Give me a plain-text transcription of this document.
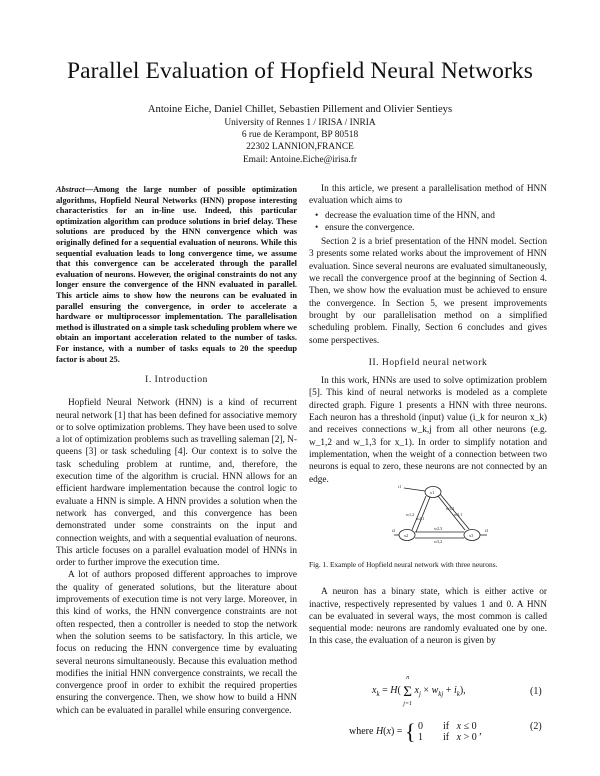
Parallel Evaluation of Hopfield Neural Networks
Antoine Eiche, Daniel Chillet, Sebastien Pillement and Olivier Sentieys
University of Rennes 1 / IRISA / INRIA
6 rue de Kerampont, BP 80518
22302 LANNION,FRANCE
Email: Antoine.Eiche@irisa.fr
Abstract—Among the large number of possible optimization algorithms, Hopfield Neural Networks (HNN) propose interesting characteristics for an in-line use. Indeed, this particular optimization algorithm can produce solutions in brief delay. These solutions are produced by the HNN convergence which was originally defined for a sequential evaluation of neurons. While this sequential evaluation leads to long convergence time, we assume that this convergence can be accelerated through the parallel evaluation of neurons. However, the original constraints do not any longer ensure the convergence of the HNN evaluated in parallel. This article aims to show how the neurons can be evaluated in parallel ensuring the convergence, in order to accelerate a hardware or multiprocessor implementation. The parallelisation method is illustrated on a simple task scheduling problem where we obtain an important acceleration related to the number of tasks. For instance, with a number of tasks equals to 20 the speedup factor is about 25.
I. Introduction

Hopfield Neural Network (HNN) is a kind of recurrent neural network [1] that has been defined for associative memory or to solve optimization problems. They have been used to solve a lot of optimization problems such as travelling saleman [2], N-queens [3] or task scheduling [4]. Our context is to solve the task scheduling problem at runtime, and, therefore, the execution time of the algorithm is crucial. HNN allows for an efficient hardware implementation because the control logic to evaluate a HNN is simple. A HNN provides a solution when the network has converged, and this convergence has been demonstrated under some constraints on the input and connection weights, and with a sequential evaluation of neurons. This article focuses on a parallel evaluation model of HNNs in order to further improve the execution time.

A lot of authors proposed different approaches to improve the quality of generated solutions, but the literature about improvements of execution time is not very large. Moreover, in this kind of works, the HNN convergence constraints are not often respected, then a controller is needed to stop the network when the solution seems to be satisfactory. In this article, we focus on reducing the HNN convergence time by evaluating several neurons simultaneously. Because this evaluation method modifies the initial HNN convergence constraints, we recall the convergence proof in order to exhibit the required properties ensuring the convergence. Then, we show how to build a HNN which can be evaluated in parallel while ensuring convergence.

In this article, we present a parallelisation method of HNN evaluation which aims to

• decrease the evaluation time of the HNN, and
• ensure the convergence.

Section 2 is a brief presentation of the HNN model. Section 3 presents some related works about the improvement of HNN evaluation. Since several neurons are evaluated simultaneously, we recall the convergence proof at the beginning of Section 4. Then, we show how the evaluation must be achieved to ensure the convergence. In Section 5, we present improvements brought by our parallelisation method on a simplified scheduling problem. Finally, Section 6 concludes and gives some perspectives.

II. Hopfield neural network

In this work, HNNs are used to solve optimization problem [5]. This kind of neural networks is modeled as a complete directed graph. Figure 1 presents a HNN with three neurons. Each neuron has a threshold (input) value (i_k for neuron x_k) and receives connections w_k,j from all other neurons (e.g. w_1,2 and w_1,3 for x_1). In order to simplify notation and implementation, when the weight of a connection between two neurons is equal to zero, these neurons are not connected by an edge.

x1
x2	x3
i1
i2	i3
w1,2
w2,1
w1,3
w3,1
w2,3
w3,2

Fig. 1. Example of Hopfield neural network with three neurons.

A neuron has a binary state, which is either active or inactive, respectively represented by values 1 and 0. A HNN can be evaluated in several ways, the most common is called sequential mode: neurons are randomly evaluated one by one. In this case, the evaluation of a neuron is given by

$x_k = H$( Σ
n
j=1
$x_j \times w_{kj} + i_k$),	(1)
where H(x) = { 0        if x ≤ 0
1        if x > 0
,	(2)
